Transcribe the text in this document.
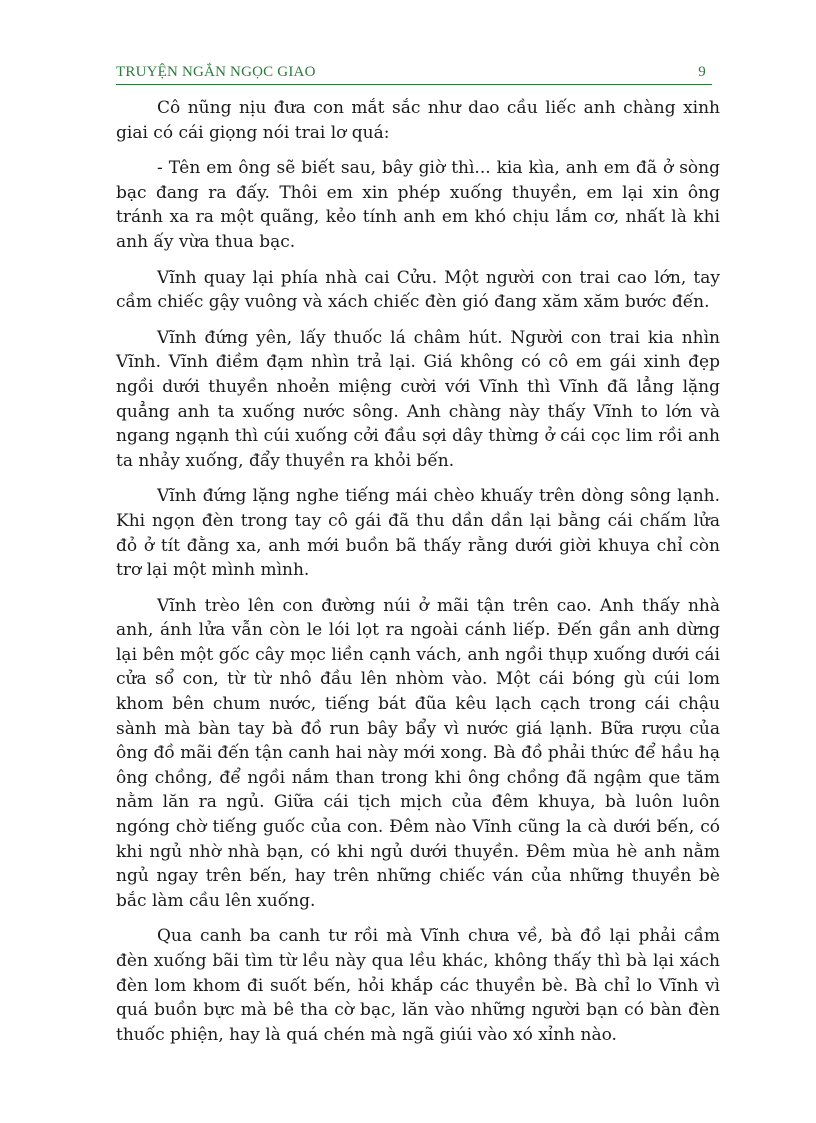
TRUYỆN NGẮN NGỌC GIAO	9

Cô nũng nịu đưa con mắt sắc như dao cầu liếc anh chàng xinh giai có cái giọng nói trai lơ quá:

- Tên em ông sẽ biết sau, bây giờ thì... kia kìa, anh em đã ở sòng bạc đang ra đấy. Thôi em xin phép xuống thuyền, em lại xin ông tránh xa ra một quãng, kẻo tính anh em khó chịu lắm cơ, nhất là khi anh ấy vừa thua bạc.

Vĩnh quay lại phía nhà cai Cửu. Một người con trai cao lớn, tay cầm chiếc gậy vuông và xách chiếc đèn gió đang xăm xăm bước đến.

Vĩnh đứng yên, lấy thuốc lá châm hút. Người con trai kia nhìn Vĩnh. Vĩnh điềm đạm nhìn trả lại. Giá không có cô em gái xinh đẹp ngồi dưới thuyền nhoẻn miệng cười với Vĩnh thì Vĩnh đã lẳng lặng quẳng anh ta xuống nước sông. Anh chàng này thấy Vĩnh to lớn và ngang ngạnh thì cúi xuống cởi đầu sợi dây thừng ở cái cọc lim rồi anh ta nhảy xuống, đẩy thuyền ra khỏi bến.

Vĩnh đứng lặng nghe tiếng mái chèo khuấy trên dòng sông lạnh. Khi ngọn đèn trong tay cô gái đã thu dần dần lại bằng cái chấm lửa đỏ ở tít đằng xa, anh mới buồn bã thấy rằng dưới giời khuya chỉ còn trơ lại một mình mình.

Vĩnh trèo lên con đường núi ở mãi tận trên cao. Anh thấy nhà anh, ánh lửa vẫn còn le lói lọt ra ngoài cánh liếp. Đến gần anh dừng lại bên một gốc cây mọc liền cạnh vách, anh ngồi thụp xuống dưới cái cửa sổ con, từ từ nhô đầu lên nhòm vào. Một cái bóng gù cúi lom khom bên chum nước, tiếng bát đũa kêu lạch cạch trong cái chậu sành mà bàn tay bà đồ run bây bẩy vì nước giá lạnh. Bữa rượu của ông đồ mãi đến tận canh hai này mới xong. Bà đồ phải thức để hầu hạ ông chồng, để ngồi nắm than trong khi ông chồng đã ngậm que tăm nằm lăn ra ngủ. Giữa cái tịch mịch của đêm khuya, bà luôn luôn ngóng chờ tiếng guốc của con. Đêm nào Vĩnh cũng la cà dưới bến, có khi ngủ nhờ nhà bạn, có khi ngủ dưới thuyền. Đêm mùa hè anh nằm ngủ ngay trên bến, hay trên những chiếc ván của những thuyền bè bắc làm cầu lên xuống.

Qua canh ba canh tư rồi mà Vĩnh chưa về, bà đồ lại phải cầm đèn xuống bãi tìm từ lều này qua lều khác, không thấy thì bà lại xách đèn lom khom đi suốt bến, hỏi khắp các thuyền bè. Bà chỉ lo Vĩnh vì quá buồn bực mà bê tha cờ bạc, lăn vào những người bạn có bàn đèn thuốc phiện, hay là quá chén mà ngã giúi vào xó xỉnh nào.
